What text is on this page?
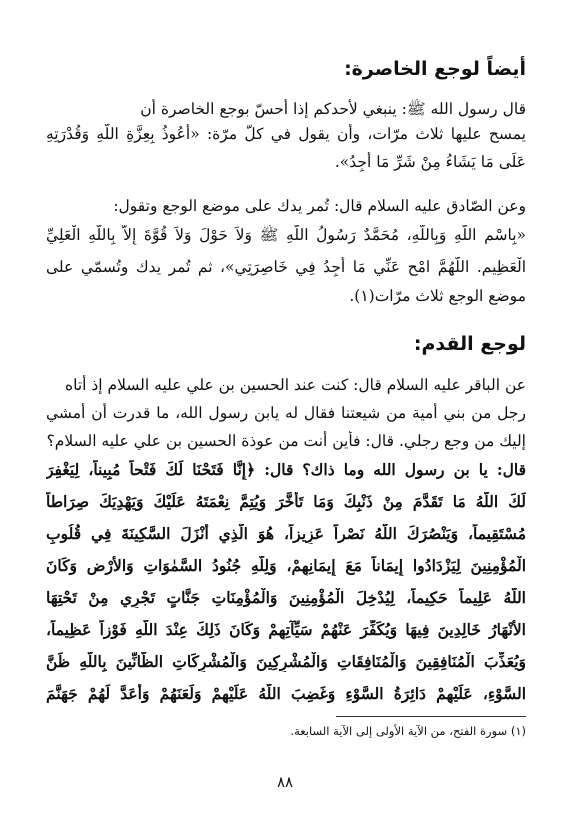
أيضاً لوجع الخاصرة:
قال رسول الله ﷺ: ينبغي لأحدكم إذا أحسّ بوجع الخاصرة أن
يمسح عليها ثلاث مرّات، وأن يقول في كلّ مرّة: «أَعُوذُ بِعِزَّةِ اللَّهِ وَقُدْرَتِهِ
عَلَى مَا يَشَاءُ مِنْ شَرِّ مَا أَجِدُ».
وعن الصّادق عليه السلام قال: تُمر يدك على موضع الوجع وتقول:
«بِاسْمِ اللَّهِ وَبِاللَّهِ، مُحَمَّدٌ رَسُولُ اللَّهِ ﷺ وَلاَ حَوْلَ وَلاَ قُوَّةَ إِلاَّ بِاللَّهِ الْعَلِيِّ
الْعَظِيمِ. اللَّهُمَّ امْحِ عَنِّي مَا أَجِدُ فِي خَاصِرَتِي»، ثم تُمر يدك وتُسمّي على
موضع الوجع ثلاث مرّات(١).
لوجع القدم:
عن الباقر عليه السلام قال: كنت عند الحسين بن علي عليه السلام إذ أتاه
رجل من بني أمية من شيعتنا فقال له يابن رسول الله، ما قدرت أن أمشي
إليك من وجع رجلي. قال: فأين أنت من عوذة الحسين بن علي عليه السلام؟
قال: يا بن رسول الله وما ذاك؟ قال: ﴿إِنَّا فَتَحْنَا لَكَ فَتْحاً مُبِيناً، لِيَغْفِرَ
لَكَ اللَّهُ مَا تَقَدَّمَ مِنْ ذَنْبِكَ وَمَا تَأَخَّرَ وَيُتِمَّ نِعْمَتَهُ عَلَيْكَ وَيَهْدِيَكَ صِرَاطاً
مُسْتَقِيماً، وَيَنْصُرَكَ اللَّهُ نَصْراً عَزِيزاً، هُوَ الَّذِي أَنْزَلَ السَّكِينَةَ فِي قُلُوبِ
الْمُؤْمِنِينَ لِيَزْدَادُوا إِيمَاناً مَعَ إِيمَانِهِمْ، وَلِلَّهِ جُنُودُ السَّمٰوَاتِ وَالأَرْضِ وَكَانَ
اللَّهُ عَلِيماً حَكِيماً، لِيُدْخِلَ الْمُؤْمِنِينَ وَالْمُؤْمِنَاتِ جَنَّاتٍ تَجْرِي مِنْ تَحْتِهَا
الأَنْهَارُ خَالِدِينَ فِيهَا وَيُكَفِّرَ عَنْهُمْ سَيِّآتِهِمْ وَكَانَ ذَلِكَ عِنْدَ اللَّهِ فَوْزاً عَظِيماً،
وَيُعَذِّبَ الْمُنَافِقِينَ وَالْمُنَافِقَاتِ وَالْمُشْرِكِينَ وَالْمُشْرِكَاتِ الظَّانِّينَ بِاللَّهِ ظَنَّ
السَّوْءِ، عَلَيْهِمْ دَائِرَةُ السَّوْءِ وَغَضِبَ اللَّهُ عَلَيْهِمْ وَلَعَنَهُمْ وَأَعَدَّ لَهُمْ جَهَنَّمَ
(١) سورة الفتح، من الآية الأولى إلى الآية السابعة.
٨٨
